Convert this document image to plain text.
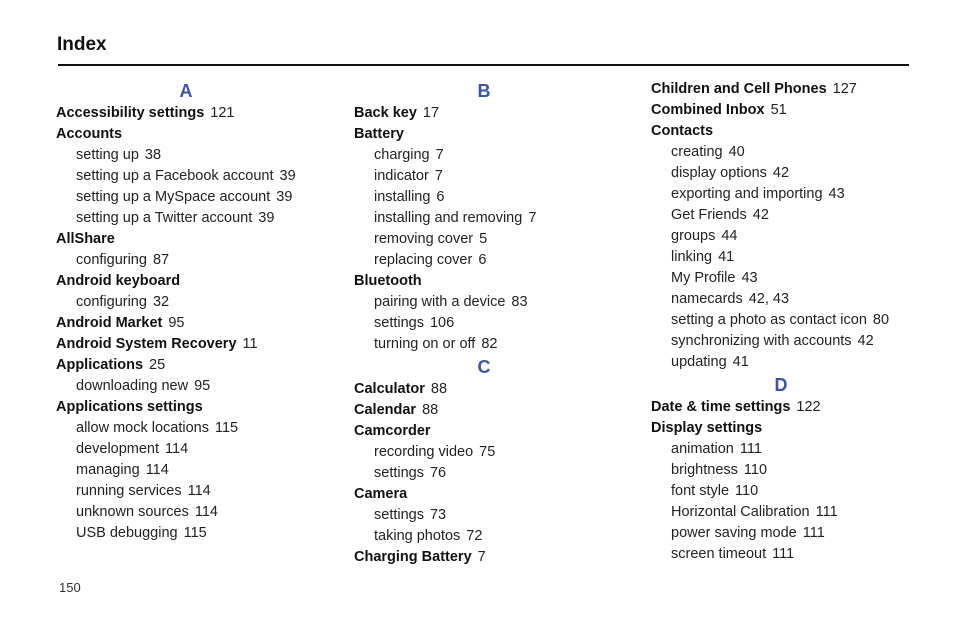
Index
A
Accessibility settings 121
Accounts
setting up 38
setting up a Facebook account 39
setting up a MySpace account 39
setting up a Twitter account 39
AllShare
configuring 87
Android keyboard
configuring 32
Android Market 95
Android System Recovery 11
Applications 25
downloading new 95
Applications settings
allow mock locations 115
development 114
managing 114
running services 114
unknown sources 114
USB debugging 115
B
Back key 17
Battery
charging 7
indicator 7
installing 6
installing and removing 7
removing cover 5
replacing cover 6
Bluetooth
pairing with a device 83
settings 106
turning on or off 82
C
Calculator 88
Calendar 88
Camcorder
recording video 75
settings 76
Camera
settings 73
taking photos 72
Charging Battery 7
Children and Cell Phones 127
Combined Inbox 51
Contacts
creating 40
display options 42
exporting and importing 43
Get Friends 42
groups 44
linking 41
My Profile 43
namecards 42, 43
setting a photo as contact icon 80
synchronizing with accounts 42
updating 41
D
Date & time settings 122
Display settings
animation 111
brightness 110
font style 110
Horizontal Calibration 111
power saving mode 111
screen timeout 111
150
